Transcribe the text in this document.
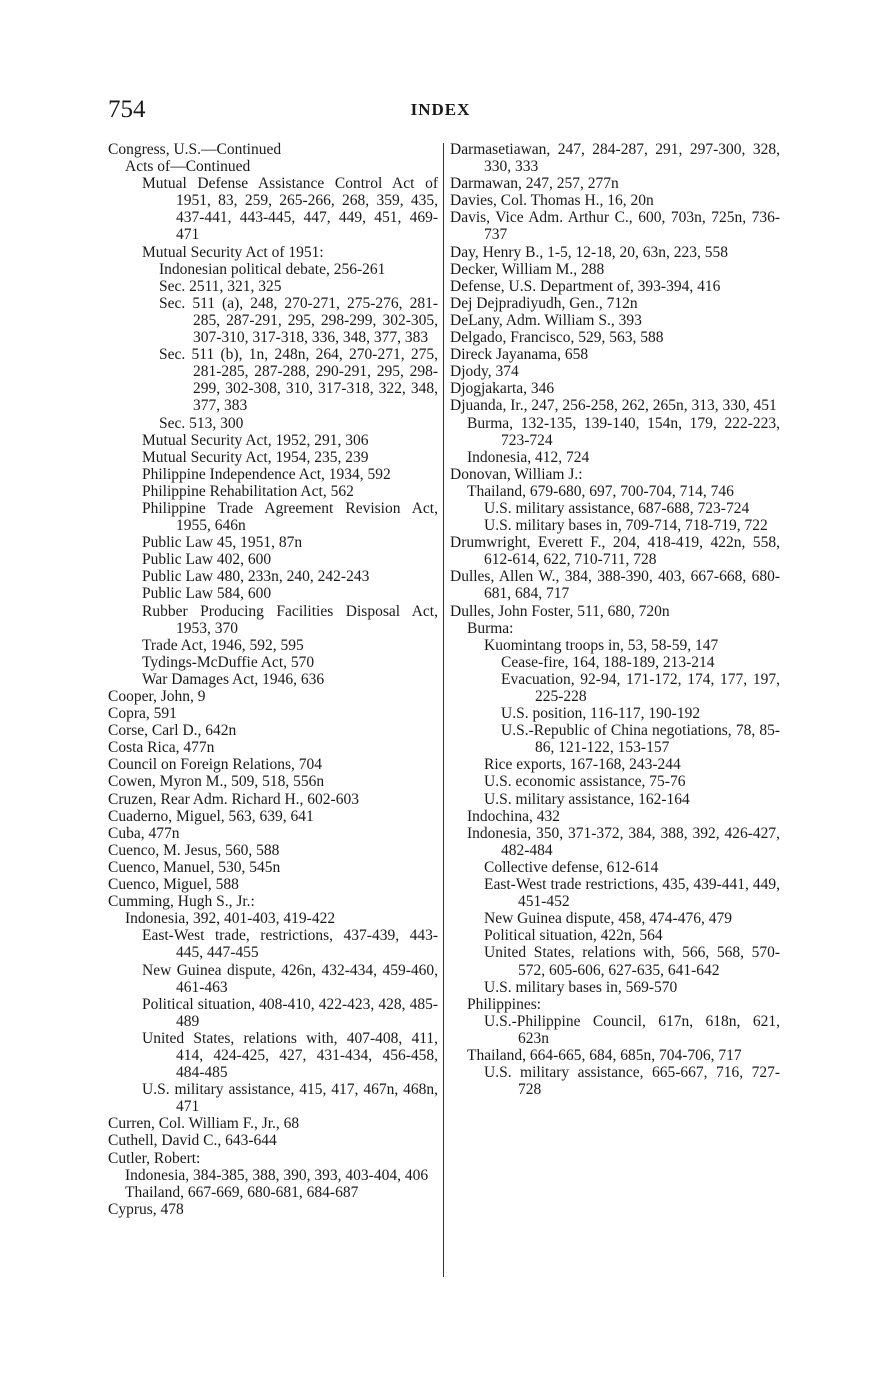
754	INDEX
Congress, U.S.—Continued
Acts of—Continued
Mutual Defense Assistance Control Act of 1951, 83, 259, 265-266, 268, 359, 435, 437-441, 443-445, 447, 449, 451, 469-471
Mutual Security Act of 1951:
Indonesian political debate, 256-261
Sec. 2511, 321, 325
Sec. 511 (a), 248, 270-271, 275-276, 281-285, 287-291, 295, 298-299, 302-305, 307-310, 317-318, 336, 348, 377, 383
Sec. 511 (b), 1n, 248n, 264, 270-271, 275, 281-285, 287-288, 290-291, 295, 298-299, 302-308, 310, 317-318, 322, 348, 377, 383
Sec. 513, 300
Mutual Security Act, 1952, 291, 306
Mutual Security Act, 1954, 235, 239
Philippine Independence Act, 1934, 592
Philippine Rehabilitation Act, 562
Philippine Trade Agreement Revision Act, 1955, 646n
Public Law 45, 1951, 87n
Public Law 402, 600
Public Law 480, 233n, 240, 242-243
Public Law 584, 600
Rubber Producing Facilities Disposal Act, 1953, 370
Trade Act, 1946, 592, 595
Tydings-McDuffie Act, 570
War Damages Act, 1946, 636
Cooper, John, 9
Copra, 591
Corse, Carl D., 642n
Costa Rica, 477n
Council on Foreign Relations, 704
Cowen, Myron M., 509, 518, 556n
Cruzen, Rear Adm. Richard H., 602-603
Cuaderno, Miguel, 563, 639, 641
Cuba, 477n
Cuenco, M. Jesus, 560, 588
Cuenco, Manuel, 530, 545n
Cuenco, Miguel, 588
Cumming, Hugh S., Jr.:
Indonesia, 392, 401-403, 419-422
East-West trade, restrictions, 437-439, 443-445, 447-455
New Guinea dispute, 426n, 432-434, 459-460, 461-463
Political situation, 408-410, 422-423, 428, 485-489
United States, relations with, 407-408, 411, 414, 424-425, 427, 431-434, 456-458, 484-485
U.S. military assistance, 415, 417, 467n, 468n, 471
Curren, Col. William F., Jr., 68
Cuthell, David C., 643-644
Cutler, Robert:
Indonesia, 384-385, 388, 390, 393, 403-404, 406
Thailand, 667-669, 680-681, 684-687
Cyprus, 478
Darmasetiawan, 247, 284-287, 291, 297-300, 328, 330, 333
Darmawan, 247, 257, 277n
Davies, Col. Thomas H., 16, 20n
Davis, Vice Adm. Arthur C., 600, 703n, 725n, 736-737
Day, Henry B., 1-5, 12-18, 20, 63n, 223, 558
Decker, William M., 288
Defense, U.S. Department of, 393-394, 416
Dej Dejpradiyudh, Gen., 712n
DeLany, Adm. William S., 393
Delgado, Francisco, 529, 563, 588
Direck Jayanama, 658
Djody, 374
Djogjakarta, 346
Djuanda, Ir., 247, 256-258, 262, 265n, 313, 330, 451
Burma, 132-135, 139-140, 154n, 179, 222-223, 723-724
Indonesia, 412, 724
Donovan, William J.:
Thailand, 679-680, 697, 700-704, 714, 746
U.S. military assistance, 687-688, 723-724
U.S. military bases in, 709-714, 718-719, 722
Drumwright, Everett F., 204, 418-419, 422n, 558, 612-614, 622, 710-711, 728
Dulles, Allen W., 384, 388-390, 403, 667-668, 680-681, 684, 717
Dulles, John Foster, 511, 680, 720n
Burma:
Kuomintang troops in, 53, 58-59, 147
Cease-fire, 164, 188-189, 213-214
Evacuation, 92-94, 171-172, 174, 177, 197, 225-228
U.S. position, 116-117, 190-192
U.S.-Republic of China negotiations, 78, 85-86, 121-122, 153-157
Rice exports, 167-168, 243-244
U.S. economic assistance, 75-76
U.S. military assistance, 162-164
Indochina, 432
Indonesia, 350, 371-372, 384, 388, 392, 426-427, 482-484
Collective defense, 612-614
East-West trade restrictions, 435, 439-441, 449, 451-452
New Guinea dispute, 458, 474-476, 479
Political situation, 422n, 564
United States, relations with, 566, 568, 570-572, 605-606, 627-635, 641-642
U.S. military bases in, 569-570
Philippines:
U.S.-Philippine Council, 617n, 618n, 621, 623n
Thailand, 664-665, 684, 685n, 704-706, 717
U.S. military assistance, 665-667, 716, 727-728
